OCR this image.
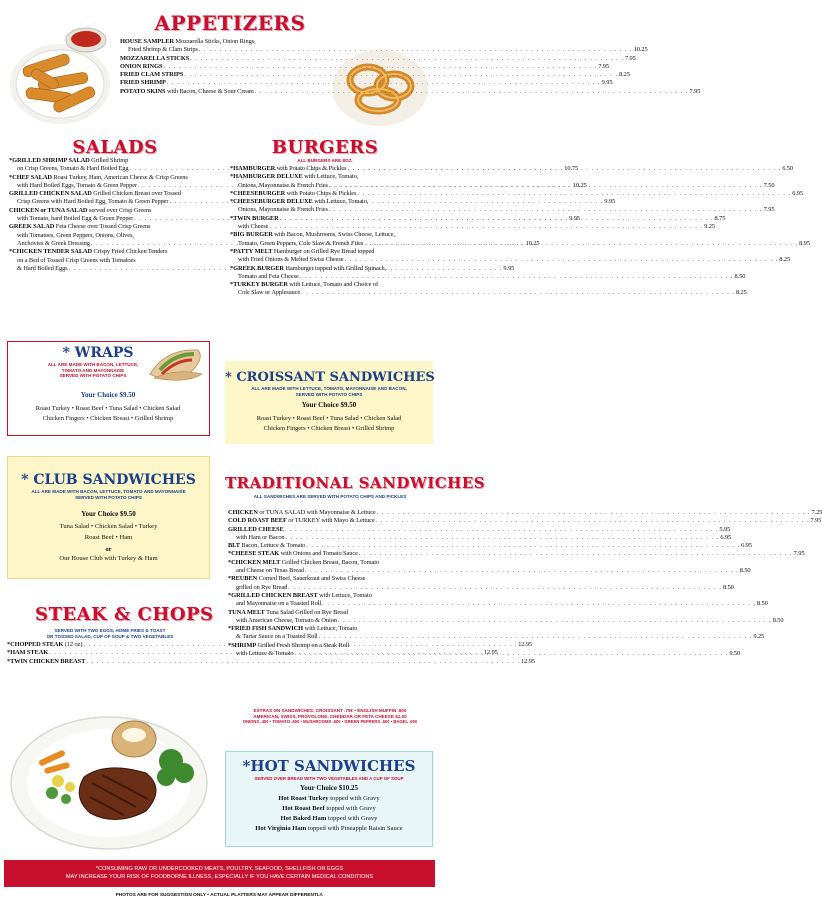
APPETIZERS
HOUSE SAMPLER Mozzarella Sticks, Onion Rings,
Fried Shrimp & Clam Strips . . .	10.25
MOZZARELLA STICKS . . .	7.95
ONION RINGS . . .	7.95
FRIED CLAM STRIPS . . .	8.25
FRIED SHRIMP . . .	9.95
POTATO SKINS with Bacon, Cheese & Sour Cream . . .	7.95
SALADS
*GRILLED SHRIMP SALAD Grilled Shrimp
on Crisp Greens, Tomato & Hard Boiled Egg . . .	10.75
*CHEF SALAD Roast Turkey, Ham, American Cheese & Crisp Greens
with Hard Boiled Eggs, Tomato & Green Pepper . . .	10.25
GRILLED CHICKEN SALAD Grilled Chicken Breast over Tossed
Crisp Greens with Hard Boiled Egg, Tomato & Green Pepper . . .	9.95
CHICKEN or TUNA SALAD served over Crisp Greens
with Tomato, hard Boiled Egg & Green Pepper . . .	9.95
GREEK SALAD Feta Cheese over Tossed Crisp Greens
with Tomatoes, Green Peppers, Onions, Olives,
Anchovies & Greek Dressing . . .	10.25
*CHICKEN TENDER SALAD Crispy Fried Chicken Tenders
on a Bed of Tossed Crisp Greens with Tomatoes
& Hard Boiled Eggs . . .	9.95
BURGERS
ALL BURGERS ARE 8OZ.
*HAMBURGER with Potato Chips & Pickles . . .	6.50
*HAMBURGER DELUXE with Lettuce, Tomato,
Onions, Mayonnaise & French Fries . . .	7.50
*CHEESEBURGER with Potato Chips & Pickles . . .	6.95
*CHEESEBURGER DELUXE with Lettuce, Tomato,
Onions, Mayonnaise & French Fries . . .	7.95
*TWIN BURGER . . .	8.75
with Cheese . . .	9.25
*BIG BURGER with Bacon, Mushrooms, Swiss Cheese, Lettuce,
Tomato, Green Peppers, Cole Slaw & French Fries . . .	8.95
*PATTY MELT Hamburger on Grilled Rye Bread topped
with Fried Onions & Melted Swiss Cheese . . .	8.25
*GREEK BURGER Hamburger topped with Grilled Spinach,
Tomato and Feta Cheese . . .	8.50
*TURKEY BURGER with Lettuce, Tomato and Choice of
Cole Slaw or Applesauce . . .	8.25
* WRAPS
ALL ARE MADE WITH BACON, LETTUCE,
TOMATO AND MAYONNAISE
SERVED WITH POTATO CHIPS
Your Choice $9.50
Roast Turkey • Roast Beef • Tuna Salad • Chicken Salad
Chicken Fingers • Chicken Breast • Grilled Shrimp
* CROISSANT SANDWICHES
ALL ARE MADE WITH LETTUCE, TOMATO, MAYONNAISE AND BACON,
SERVED WITH POTATO CHIPS
Your Choice $9.50
Roast Turkey • Roast Beef • Tuna Salad • Chicken Salad
Chicken Fingers • Chicken Breast • Grilled Shrimp
* CLUB SANDWICHES
ALL ARE MADE WITH BACON, LETTUCE, TOMATO AND MAYONNAISE
SERVED WITH POTATO CHIPS
Your Choice $9.50
Tuna Salad • Chicken Salad • Turkey
Roast Beef • Ham
or
Our House Club with Turkey & Ham
TRADITIONAL SANDWICHES
ALL SANDWICHES ARE SERVED WITH POTATO CHIPS AND PICKLES
CHICKEN or TUNA SALAD with Mayonnaise & Lettuce . . .	7.25
COLD ROAST BEEF or TURKEY with Mayo & Lettuce . . .	7.95
GRILLED CHEESE . . .	5.95
with Ham or Bacon . . .	6.95
BLT Bacon, Lettuce & Tomato . . .	6.95
*CHEESE STEAK with Onions and Tomato Sauce . . .	7.95
*CHICKEN MELT Grilled Chicken Breast, Bacon, Tomato
and Cheese on Texas Bread . . .	8.50
*REUBEN Corned Beef, Sauerkraut and Swiss Cheese
grilled on Rye Bread . . .	8.50
*GRILLED CHICKEN BREAST with Lettuce, Tomato
and Mayonnaise on a Toasted Roll . . .	8.50
TUNA MELT Tuna Salad Grilled on Rye Bread
with American Cheese, Tomato & Onion . . .	8.50
*FRIED FISH SANDWICH with Lettuce, Tomato
& Tartar Sauce on a Toasted Roll . . .	9.25
*SHRIMP Grilled Fresh Shrimp on a Steak Roll
with Lettuce & Tomato . . .	9.50
EXTRAS ON SANDWICHES: CROISSANT .75¢ • ENGLISH MUFFIN .60¢
AMERICAN, SWISS, PROVOLONE, CHEDDAR OR FETA CHEESE $1.00
ONIONS .40¢ • TOMATO .60¢ • MUSHROOMS .60¢ • GREEN PEPPERS .60¢ • BAGEL .60¢
STEAK & CHOPS
SERVED WITH TWO EGGS, HOME FRIES & TOAST
OR TOSSED SALAD, CUP OF SOUP & TWO VEGETABLES
*CHOPPED STEAK (12 oz) . . .	12.95
*HAM STEAK . . .	12.95
*TWIN CHICKEN BREAST . . .	12.95
*HOT SANDWICHES
SERVED OVER BREAD WITH TWO VEGETABLES AND A CUP OF SOUP
Your Choice $10.25
Hot Roast Turkey topped with Gravy
Hot Roast Beef topped with Gravy
Hot Baked Ham topped with Gravy
Hot Virginia Ham topped with Pineapple Raisin Sauce
*CONSUMING RAW OR UNDERCOOKED MEATS, POULTRY, SEAFOOD, SHELLFISH OR EGGS
MAY INCREASE YOUR RISK OF FOODBORNE ILLNESS, ESPECIALLY IF YOU HAVE CERTAIN MEDICAL CONDITIONS
PHOTOS ARE FOR SUGGESTION ONLY • ACTUAL PLATTERS MAY APPEAR DIFFERENTLY.
